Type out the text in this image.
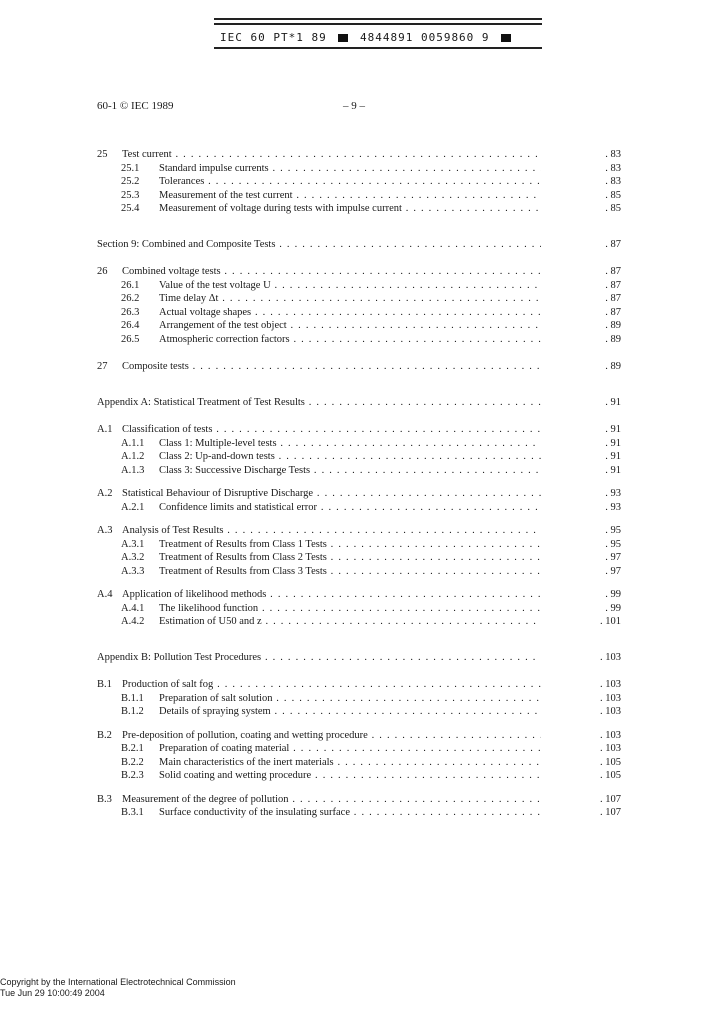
IEC 60 PT*1 89	4844891 0059860 9
60-1 © IEC 1989	– 9 –
25 Test current . . .	. 83
25.1 Standard impulse currents . . .	. 83
25.2 Tolerances . . .	. 83
25.3 Measurement of the test current . . .	. 85
25.4 Measurement of voltage during tests with impulse current . . .	. 85
Section 9: Combined and Composite Tests . . .	. 87
26 Combined voltage tests . . .	. 87
26.1 Value of the test voltage U . . .	. 87
26.2 Time delay Δt . . .	. 87
26.3 Actual voltage shapes . . .	. 87
26.4 Arrangement of the test object . . .	. 89
26.5 Atmospheric correction factors . . .	. 89
27 Composite tests . . .	. 89
Appendix A: Statistical Treatment of Test Results . . .	. 91
A.1 Classification of tests . . .	. 91
A.1.1 Class 1: Multiple-level tests . . .	. 91
A.1.2 Class 2: Up-and-down tests . . .	. 91
A.1.3 Class 3: Successive Discharge Tests . . .	. 91
A.2 Statistical Behaviour of Disruptive Discharge . . .	. 93
A.2.1 Confidence limits and statistical error . . .	. 93
A.3 Analysis of Test Results . . .	. 95
A.3.1 Treatment of Results from Class 1 Tests . . .	. 95
A.3.2 Treatment of Results from Class 2 Tests . . .	. 97
A.3.3 Treatment of Results from Class 3 Tests . . .	. 97
A.4 Application of likelihood methods . . .	. 99
A.4.1 The likelihood function . . .	. 99
A.4.2 Estimation of U50 and z . . .	. 101
Appendix B: Pollution Test Procedures . . .	. 103
B.1 Production of salt fog . . .	. 103
B.1.1 Preparation of salt solution . . .	. 103
B.1.2 Details of spraying system . . .	. 103
B.2 Pre-deposition of pollution, coating and wetting procedure . . .	. 103
B.2.1 Preparation of coating material . . .	. 103
B.2.2 Main characteristics of the inert materials . . .	. 105
B.2.3 Solid coating and wetting procedure . . .	. 105
B.3 Measurement of the degree of pollution . . .	. 107
B.3.1 Surface conductivity of the insulating surface . . .	. 107
Copyright by the International Electrotechnical Commission
Tue Jun 29 10:00:49 2004
